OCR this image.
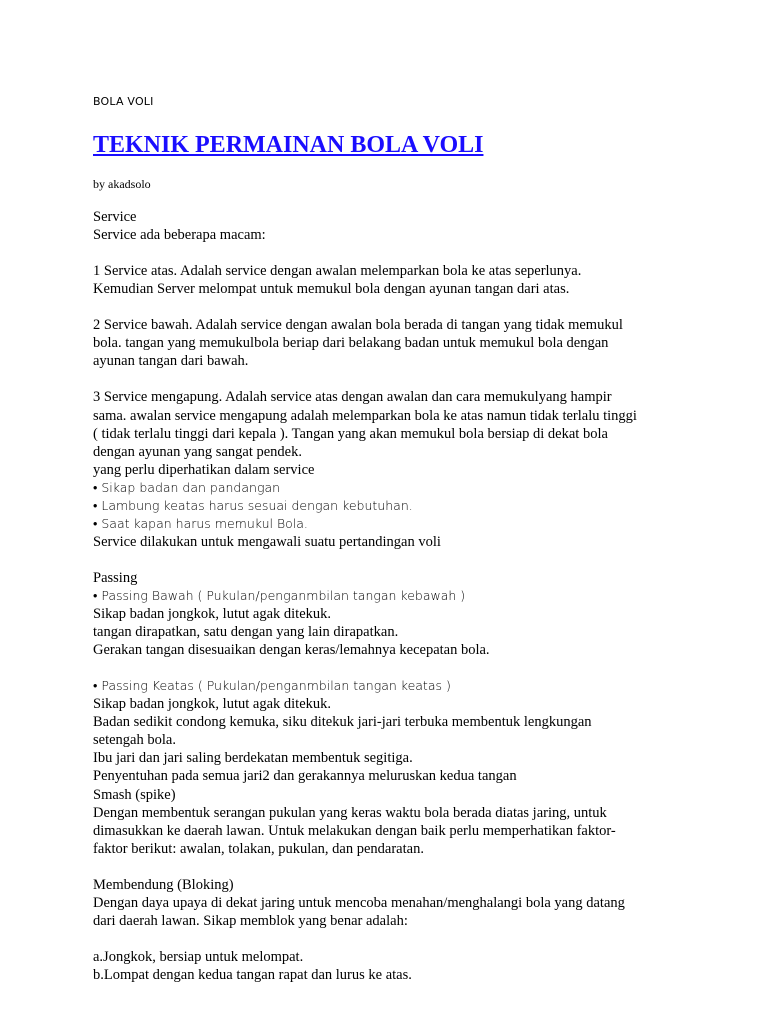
BOLA VOLI
TEKNIK PERMAINAN BOLA VOLI
by akadsolo
Service
Service ada beberapa macam:
1 Service atas. Adalah service dengan awalan melemparkan bola ke atas seperlunya.
Kemudian Server melompat untuk memukul bola dengan ayunan tangan dari atas.
2 Service bawah. Adalah service dengan awalan bola berada di tangan yang tidak memukul
bola. tangan yang memukulbola beriap dari belakang badan untuk memukul bola dengan
ayunan tangan dari bawah.
3 Service mengapung. Adalah service atas dengan awalan dan cara memukulyang hampir
sama. awalan service mengapung adalah melemparkan bola ke atas namun tidak terlalu tinggi
( tidak terlalu tinggi dari kepala ). Tangan yang akan memukul bola bersiap di dekat bola
dengan ayunan yang sangat pendek.
yang perlu diperhatikan dalam service
• Sikap badan dan pandangan
• Lambung keatas harus sesuai dengan kebutuhan.
• Saat kapan harus memukul Bola.
Service dilakukan untuk mengawali suatu pertandingan voli
Passing
• Passing Bawah ( Pukulan/penganmbilan tangan kebawah )
Sikap badan jongkok, lutut agak ditekuk.
tangan dirapatkan, satu dengan yang lain dirapatkan.
Gerakan tangan disesuaikan dengan keras/lemahnya kecepatan bola.
• Passing Keatas ( Pukulan/penganmbilan tangan keatas )
Sikap badan jongkok, lutut agak ditekuk.
Badan sedikit condong kemuka, siku ditekuk jari-jari terbuka membentuk lengkungan
setengah bola.
Ibu jari dan jari saling berdekatan membentuk segitiga.
Penyentuhan pada semua jari2 dan gerakannya meluruskan kedua tangan
Smash (spike)
Dengan membentuk serangan pukulan yang keras waktu bola berada diatas jaring, untuk
dimasukkan ke daerah lawan. Untuk melakukan dengan baik perlu memperhatikan faktor-
faktor berikut: awalan, tolakan, pukulan, dan pendaratan.
Membendung (Bloking)
Dengan daya upaya di dekat jaring untuk mencoba menahan/menghalangi bola yang datang
dari daerah lawan. Sikap memblok yang benar adalah:
a.Jongkok, bersiap untuk melompat.
b.Lompat dengan kedua tangan rapat dan lurus ke atas.
